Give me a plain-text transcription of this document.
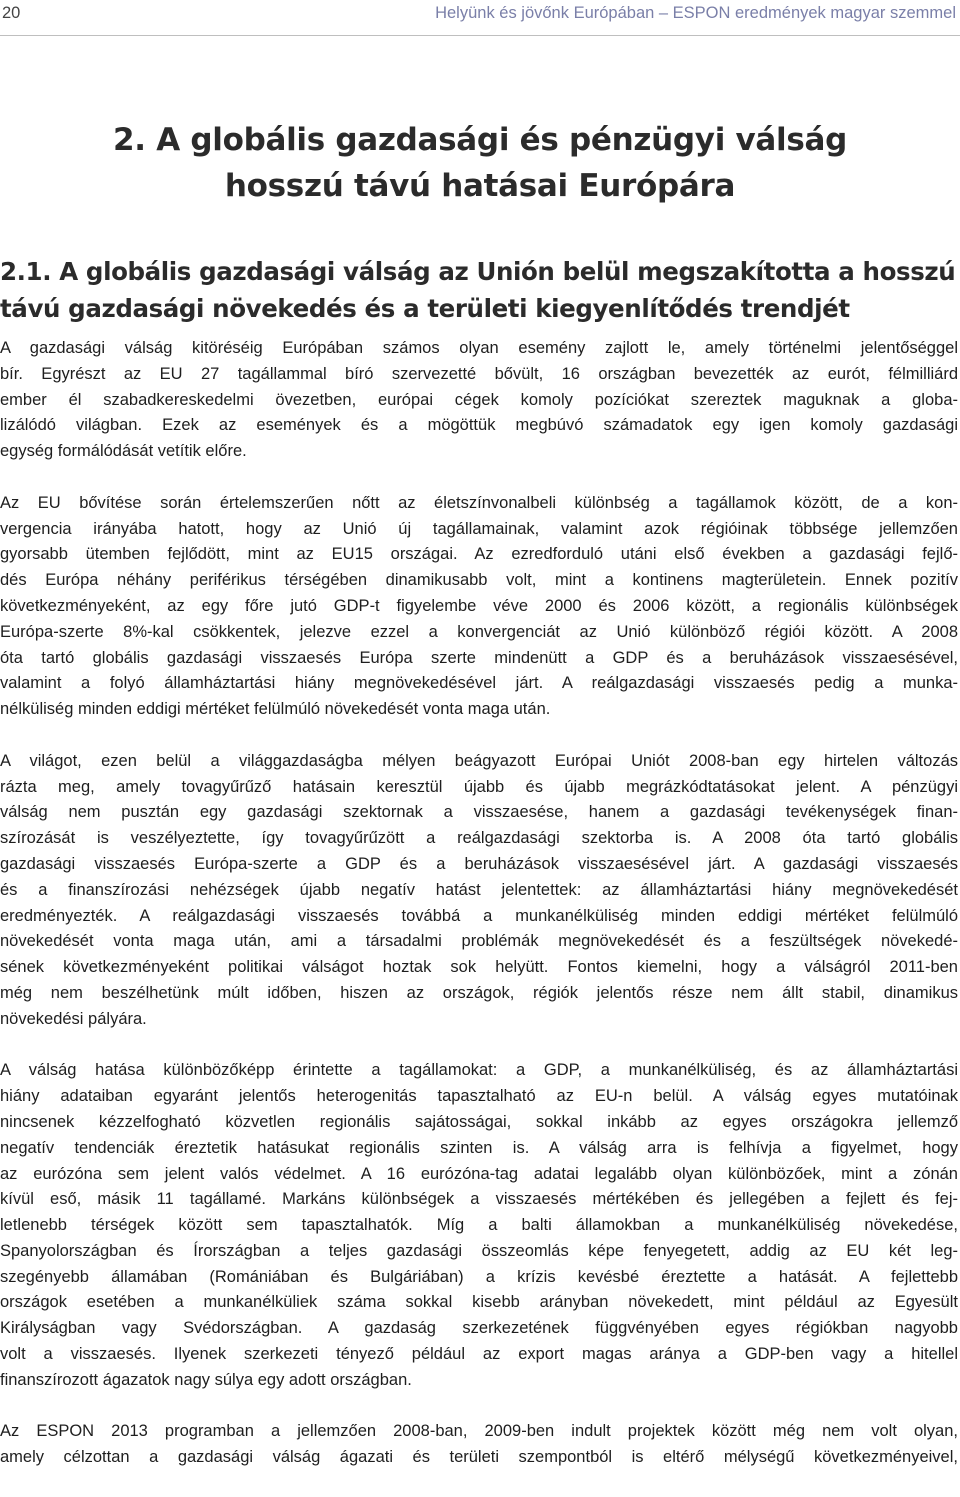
20	Helyünk és jövőnk Európában – ESPON eredmények magyar szemmel
2. A globális gazdasági és pénzügyi válság
hosszú távú hatásai Európára
2.1. A globális gazdasági válság az Unión belül megszakította a hosszú
távú gazdasági növekedés és a területi kiegyenlítődés trendjét
A gazdasági válság kitöréséig Európában számos olyan esemény zajlott le, amely történelmi jelentőséggel
bír. Egyrészt az EU 27 tagállammal bíró szervezetté bővült, 16 országban bevezették az eurót, félmilliárd
ember él szabadkereskedelmi övezetben, európai cégek komoly pozíciókat szereztek maguknak a globa-
lizálódó világban. Ezek az események és a mögöttük megbúvó számadatok egy igen komoly gazdasági
egység formálódását vetítik előre.
Az EU bővítése során értelemszerűen nőtt az életszínvonalbeli különbség a tagállamok között, de a kon-
vergencia irányába hatott, hogy az Unió új tagállamainak, valamint azok régióinak többsége jellemzően
gyorsabb ütemben fejlődött, mint az EU15 országai. Az ezredforduló utáni első években a gazdasági fejlő-
dés Európa néhány periférikus térségében dinamikusabb volt, mint a kontinens magterületein. Ennek pozitív
következményeként, az egy főre jutó GDP-t figyelembe véve 2000 és 2006 között, a regionális különbségek
Európa-szerte 8%-kal csökkentek, jelezve ezzel a konvergenciát az Unió különböző régiói között. A 2008
óta tartó globális gazdasági visszaesés Európa szerte mindenütt a GDP és a beruházások visszaesésével,
valamint a folyó államháztartási hiány megnövekedésével járt. A reálgazdasági visszaesés pedig a munka-
nélküliség minden eddigi mértéket felülmúló növekedését vonta maga után.
A világot, ezen belül a világgazdaságba mélyen beágyazott Európai Uniót 2008-ban egy hirtelen változás
rázta meg, amely tovagyűrűző hatásain keresztül újabb és újabb megrázkódtatásokat jelent. A pénzügyi
válság nem pusztán egy gazdasági szektornak a visszaesése, hanem a gazdasági tevékenységek finan-
szírozását is veszélyeztette, így tovagyűrűzött a reálgazdasági szektorba is. A 2008 óta tartó globális
gazdasági visszaesés Európa-szerte a GDP és a beruházások visszaesésével járt. A gazdasági visszaesés
és a finanszírozási nehézségek újabb negatív hatást jelentettek: az államháztartási hiány megnövekedését
eredményezték. A reálgazdasági visszaesés továbbá a munkanélküliség minden eddigi mértéket felülmúló
növekedését vonta maga után, ami a társadalmi problémák megnövekedését és a feszültségek növekedé-
sének következményeként politikai válságot hoztak sok helyütt. Fontos kiemelni, hogy a válságról 2011-ben
még nem beszélhetünk múlt időben, hiszen az országok, régiók jelentős része nem állt stabil, dinamikus
növekedési pályára.
A válság hatása különbözőképp érintette a tagállamokat: a GDP, a munkanélküliség, és az államháztartási
hiány adataiban egyaránt jelentős heterogenitás tapasztalható az EU-n belül. A válság egyes mutatóinak
nincsenek kézzelfogható közvetlen regionális sajátosságai, sokkal inkább az egyes országokra jellemző
negatív tendenciák éreztetik hatásukat regionális szinten is. A válság arra is felhívja a figyelmet, hogy
az eurózóna sem jelent valós védelmet. A 16 eurózóna-tag adatai legalább olyan különbözőek, mint a zónán
kívül eső, másik 11 tagállamé. Markáns különbségek a visszaesés mértékében és jellegében a fejlett és fej-
letlenebb térségek között sem tapasztalhatók. Míg a balti államokban a munkanélküliség növekedése,
Spanyolországban és Írországban a teljes gazdasági összeomlás képe fenyegetett, addig az EU két leg-
szegényebb államában (Romániában és Bulgáriában) a krízis kevésbé éreztette a hatását. A fejlettebb
országok esetében a munkanélküliek száma sokkal kisebb arányban növekedett, mint például az Egyesült
Királyságban vagy Svédországban. A gazdaság szerkezetének függvényében egyes régiókban nagyobb
volt a visszaesés. Ilyenek szerkezeti tényező például az export magas aránya a GDP-ben vagy a hitellel
finanszírozott ágazatok nagy súlya egy adott országban.
Az ESPON 2013 programban a jellemzően 2008-ban, 2009-ben indult projektek között még nem volt olyan,
amely célzottan a gazdasági válság ágazati és területi szempontból is eltérő mélységű következményeivel,
